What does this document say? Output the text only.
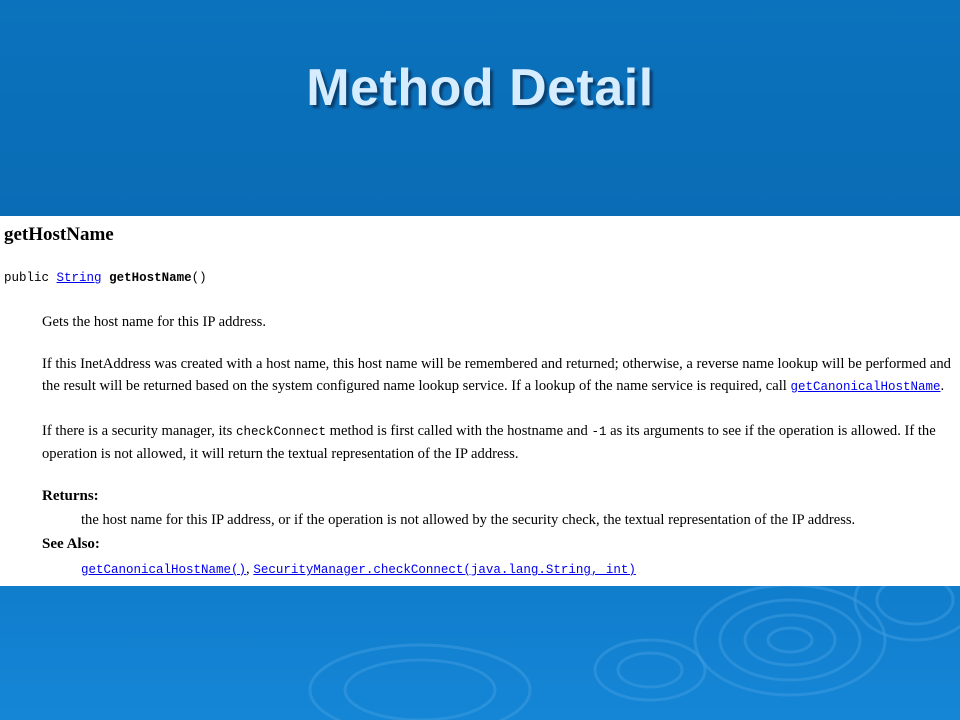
Method Detail
getHostName
public String getHostName()
Gets the host name for this IP address.
If this InetAddress was created with a host name, this host name will be remembered and returned; otherwise, a reverse name lookup will be performed and the result will be returned based on the system configured name lookup service. If a lookup of the name service is required, call getCanonicalHostName.
If there is a security manager, its checkConnect method is first called with the hostname and -1 as its arguments to see if the operation is allowed. If the operation is not allowed, it will return the textual representation of the IP address.
Returns:
the host name for this IP address, or if the operation is not allowed by the security check, the textual representation of the IP address.
See Also:
getCanonicalHostName(), SecurityManager.checkConnect(java.lang.String, int)
